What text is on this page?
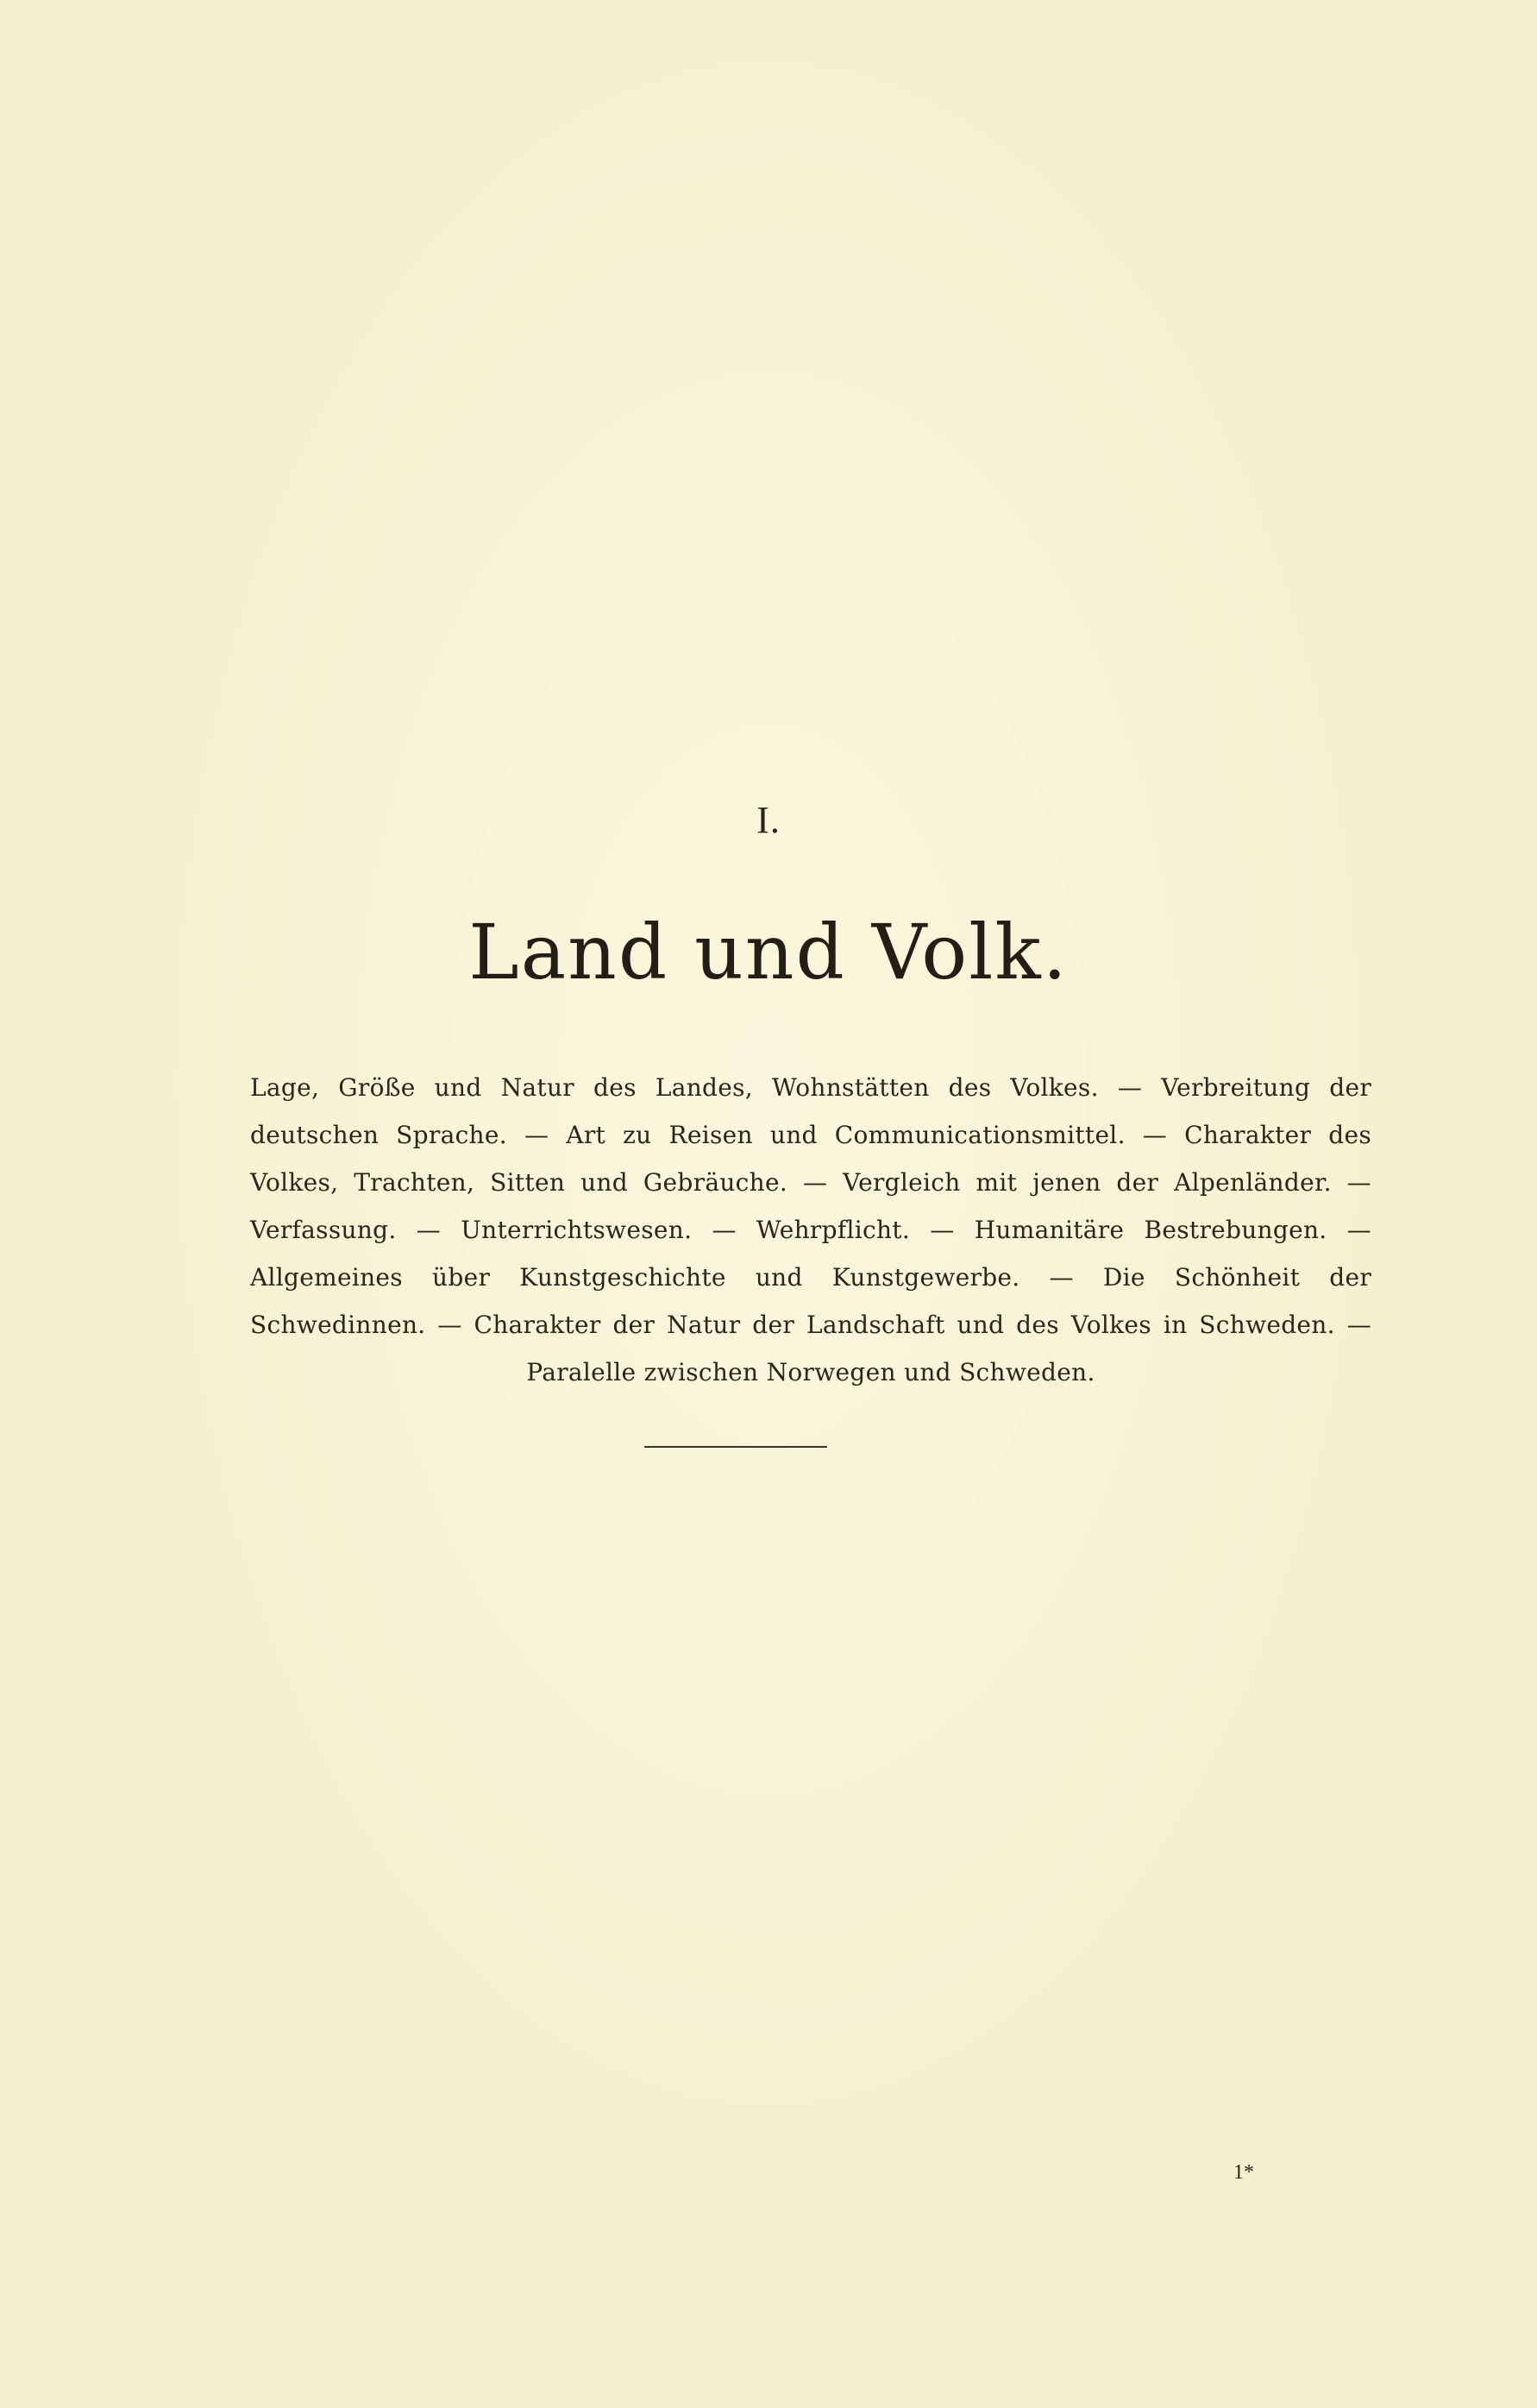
I.
Land und Volk.
Lage, Größe und Natur des Landes, Wohnstätten des Volkes. — Verbreitung der deutschen Sprache. — Art zu Reisen und Communicationsmittel. — Charakter des Volkes, Trachten, Sitten und Gebräuche. — Vergleich mit jenen der Alpenländer. — Verfassung. — Unterrichtswesen. — Wehrpflicht. — Humanitäre Bestrebungen. — Allgemeines über Kunstgeschichte und Kunstgewerbe. — Die Schönheit der Schwedinnen. — Charakter der Natur der Landschaft und des Volkes in Schweden. — Paralelle zwischen Norwegen und Schweden.
1*
